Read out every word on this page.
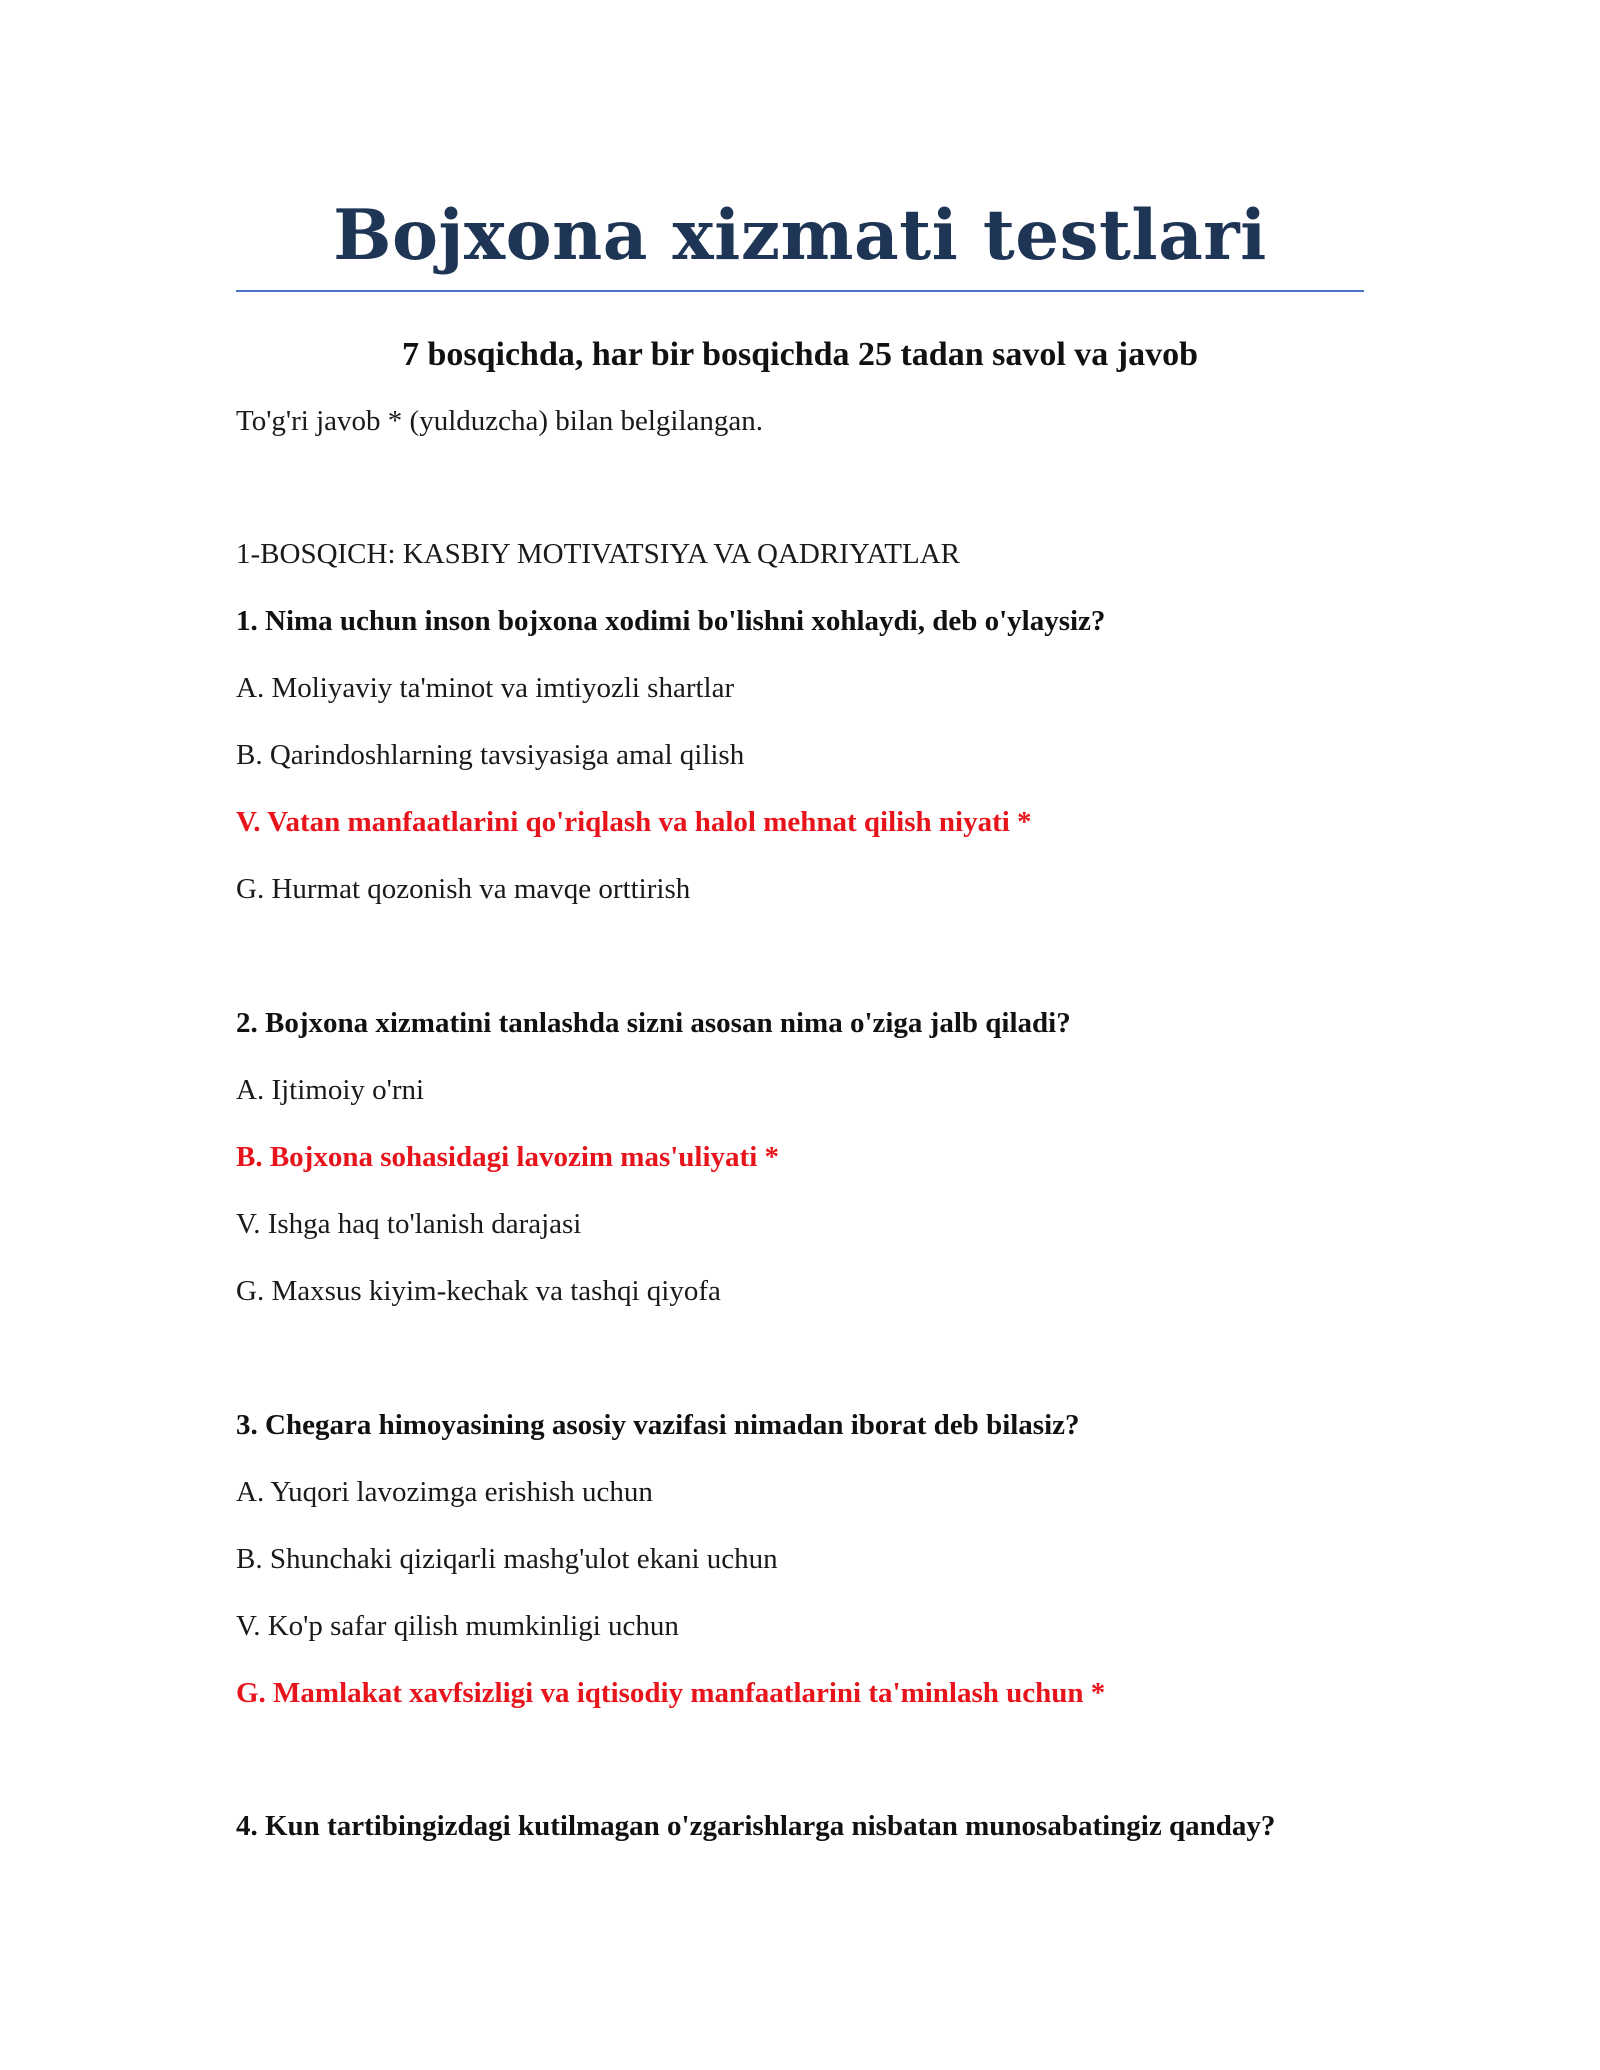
Bojxona xizmati testlari
7 bosqichda, har bir bosqichda 25 tadan savol va javob
To'g'ri javob * (yulduzcha) bilan belgilangan.
1-BOSQICH: KASBIY MOTIVATSIYA VA QADRIYATLAR
1. Nima uchun inson bojxona xodimi bo'lishni xohlaydi, deb o'ylaysiz?
A. Moliyaviy ta'minot va imtiyozli shartlar
B. Qarindoshlarning tavsiyasiga amal qilish
V. Vatan manfaatlarini qo'riqlash va halol mehnat qilish niyati *
G. Hurmat qozonish va mavqe orttirish
2. Bojxona xizmatini tanlashda sizni asosan nima o'ziga jalb qiladi?
A. Ijtimoiy o'rni
B. Bojxona sohasidagi lavozim mas'uliyati *
V. Ishga haq to'lanish darajasi
G. Maxsus kiyim-kechak va tashqi qiyofa
3. Chegara himoyasining asosiy vazifasi nimadan iborat deb bilasiz?
A. Yuqori lavozimga erishish uchun
B. Shunchaki qiziqarli mashg'ulot ekani uchun
V. Ko'p safar qilish mumkinligi uchun
G. Mamlakat xavfsizligi va iqtisodiy manfaatlarini ta'minlash uchun *
4. Kun tartibingizdagi kutilmagan o'zgarishlarga nisbatan munosabatingiz qanday?
